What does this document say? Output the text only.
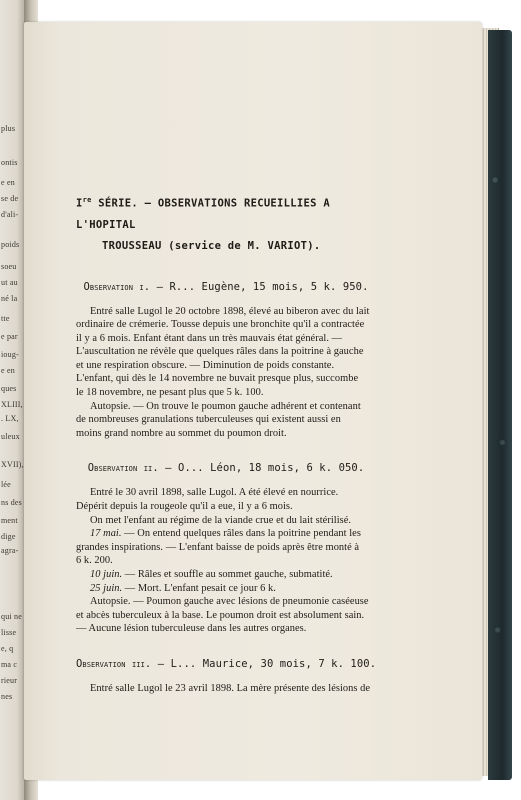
plus
ontis
e en
se de
d'ali-
poids
soeu
ut au
né la
tte
e par
ioug-
e en
ques
XLIII,
. LX,
uleux
XVII),
lée
ns des
ment
dige
agra-
qui ne
lisse
e, q
ma c
rieur
nes

Ire SÉRIE. — OBSERVATIONS RECUEILLIES A L'HOPITAL
TROUSSEAU (service de M. VARIOT).

Observation i. — R... Eugène, 15 mois, 5 k. 950.

Entré salle Lugol le 20 octobre 1898, élevé au biberon avec du lait
ordinaire de crémerie. Tousse depuis une bronchite qu'il a contractée
il y a 6 mois. Enfant étant dans un très mauvais état général. —
L'auscultation ne révèle que quelques râles dans la poitrine à gauche
et une respiration obscure. — Diminution de poids constante.
L'enfant, qui dès le 14 novembre ne buvait presque plus, succombe
le 18 novembre, ne pesant plus que 5 k. 100.
Autopsie. — On trouve le poumon gauche adhérent et contenant
de nombreuses granulations tuberculeuses qui existent aussi en
moins grand nombre au sommet du poumon droit.

Observation ii. — O... Léon, 18 mois, 6 k. 050.

Entré le 30 avril 1898, salle Lugol. A été élevé en nourrice.
Dépérit depuis la rougeole qu'il a eue, il y a 6 mois.
On met l'enfant au régime de la viande crue et du lait stérilisé.
17 mai. — On entend quelques râles dans la poitrine pendant les
grandes inspirations. — L'enfant baisse de poids après être monté à
6 k. 200.
10 juin. — Râles et souffle au sommet gauche, submatité.
25 juin. — Mort. L'enfant pesait ce jour 6 k.
Autopsie. — Poumon gauche avec lésions de pneumonie caséeuse
et abcès tuberculeux à la base. Le poumon droit est absolument sain.
— Aucune lésion tuberculeuse dans les autres organes.

Observation iii. — L... Maurice, 30 mois, 7 k. 100.

Entré salle Lugol le 23 avril 1898. La mère présente des lésions de
